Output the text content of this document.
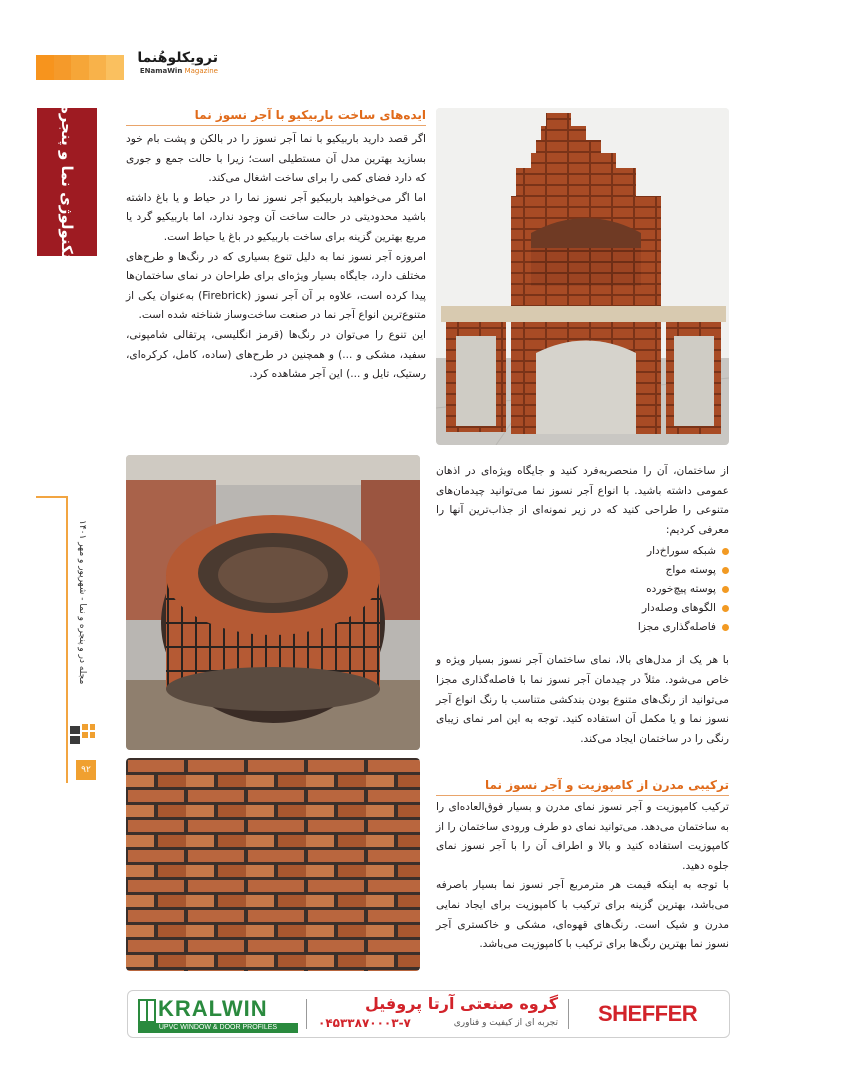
ترویکلوهُنما
ENamaWin Magazine
تکنولوژی نما و پنجره
مجله در و پنجره و نما - شهریور و مهر ۱۴۰۱
۹۲
ایده‌های ساخت باربیکیو با آجر نسوز نما

اگر قصد دارید باربیکیو با نما آجر نسوز را در بالکن و پشت بام خود بسازید بهترین مدل آن مستطیلی است؛ زیرا با حالت جمع و جوری که دارد فضای کمی را برای ساخت اشغال می‌کند.

اما اگر می‌خواهید باربیکیو آجر نسوز نما را در حیاط و یا باغ داشته باشید محدودیتی در حالت ساخت آن وجود ندارد، اما باربیکیو گرد یا مربع بهترین گزینه برای ساخت باربیکیو در باغ یا حیاط است.

امروزه آجر نسوز نما به دلیل تنوع بسیاری که در رنگ‌ها و طرح‌های مختلف دارد، جایگاه بسیار ویژه‌ای برای طراحان در نمای ساختمان‌ها پیدا کرده است، علاوه بر آن آجر نسوز (Firebrick) به‌عنوان یکی از متنوع‌ترین انواع آجر نما در صنعت ساخت‌وساز شناخته شده است.

این تنوع را می‌توان در رنگ‌ها (قرمز انگلیسی، پرتقالی شامپونی، سفید، مشکی و ...) و همچنین در طرح‌های (ساده، کامل، کرکره‌ای، رستیک، تایل و ...) این آجر مشاهده کرد.

از ساختمان، آن را منحصربه‌فرد کنید و جایگاه ویژه‌ای در اذهان عمومی داشته باشید. با انواع آجر نسوز نما می‌توانید چیدمان‌های متنوعی را طراحی کنید که در زیر نمونه‌ای از جذاب‌ترین آنها را معرفی کردیم:
شبکه سوراخ‌دار
پوسته مواج
پوسته پیچ‌خورده
الگوهای وصله‌دار
فاصله‌گذاری مجزا
با هر یک از مدل‌های بالا، نمای ساختمان آجر نسوز بسیار ویژه و خاص می‌شود. مثلاً در چیدمان آجر نسوز نما با فاصله‌گذاری مجزا می‌توانید از رنگ‌های متنوع بودن بندکشی متناسب با رنگ انواع آجر نسوز نما و یا مکمل آن استفاده کنید. توجه به این امر نمای زیبای رنگی را در ساختمان ایجاد می‌کند.
ترکیبی مدرن از کامپوزیت و آجر نسوز نما

ترکیب کامپوزیت و آجر نسوز نمای مدرن و بسیار فوق‌العاده‌ای را به ساختمان می‌دهد. می‌توانید نمای دو طرف ورودی ساختمان را از کامپوزیت استفاده کنید و بالا و اطراف آن را با آجر نسوز نمای جلوه دهید.

با توجه به اینکه قیمت هر مترمربع آجر نسوز نما بسیار باصرفه می‌باشد، بهترین گزینه برای ترکیب با کامپوزیت برای ایجاد نمایی مدرن و شیک است. رنگ‌های قهوه‌ای، مشکی و خاکستری آجر نسوز نما بهترین رنگ‌ها برای ترکیب با کامپوزیت می‌باشد.

KRALWIN
UPVC WINDOW & DOOR PROFILES
گروه صنعتی آرتا پروفیل
تجربه ای از کیفیت و فناوری
۰۴۵۳۳۸۷۰۰۰۳-۷	SHEFFER
